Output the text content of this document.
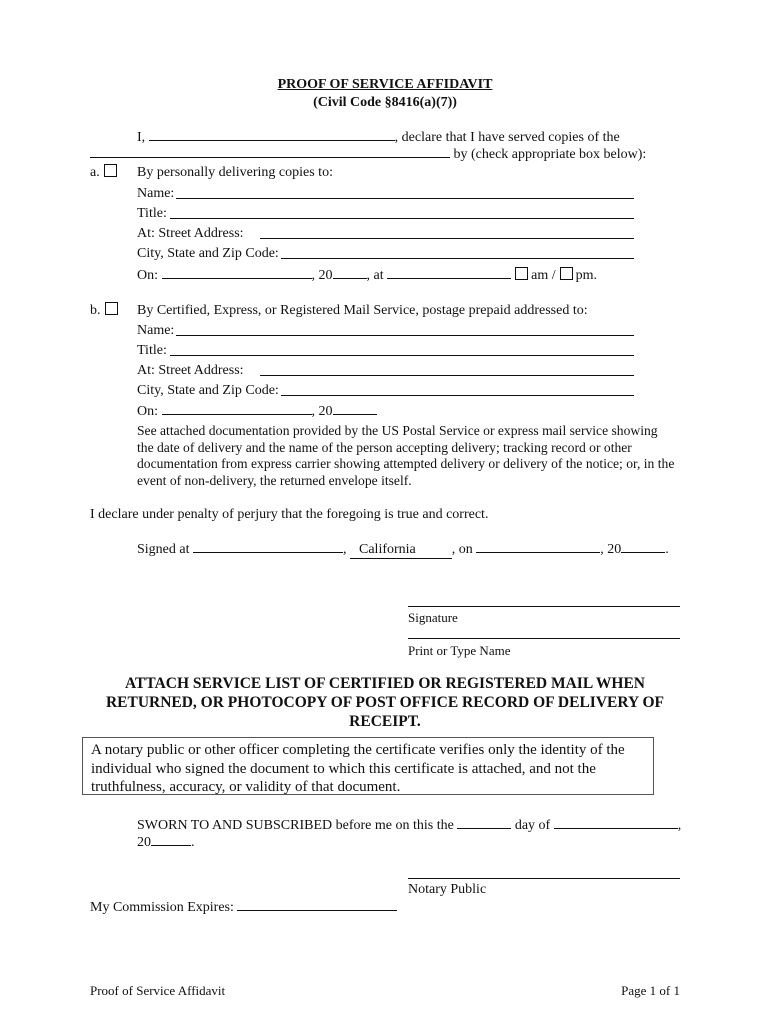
PROOF OF SERVICE AFFIDAVIT
(Civil Code §8416(a)(7))
I,	, declare that I have served copies of the
by (check appropriate box below):
a.	By personally delivering copies to:
Name:
Title:
At: Street Address:
City, State and Zip Code:
On:	, 20 , at	am / pm.
b.	By Certified, Express, or Registered Mail Service, postage prepaid addressed to:
Name:
Title:
At: Street Address:
City, State and Zip Code:
On:	, 20
See attached documentation provided by the US Postal Service or express mail service showing the date of delivery and the name of the person accepting delivery; tracking record or other documentation from express carrier showing attempted delivery or delivery of the notice; or, in the event of non-delivery, the returned envelope itself.
I declare under penalty of perjury that the foregoing is true and correct.
Signed at	, California	, on	, 20	.
Signature
Print or Type Name
ATTACH SERVICE LIST OF CERTIFIED OR REGISTERED MAIL WHEN RETURNED, OR PHOTOCOPY OF POST OFFICE RECORD OF DELIVERY OF RECEIPT.
A notary public or other officer completing the certificate verifies only the identity of the individual who signed the document to which this certificate is attached, and not the truthfulness, accuracy, or validity of that document.
SWORN TO AND SUBSCRIBED before me on this the	day of	,
20	.
Notary Public
My Commission Expires:
Proof of Service Affidavit	Page 1 of 1
